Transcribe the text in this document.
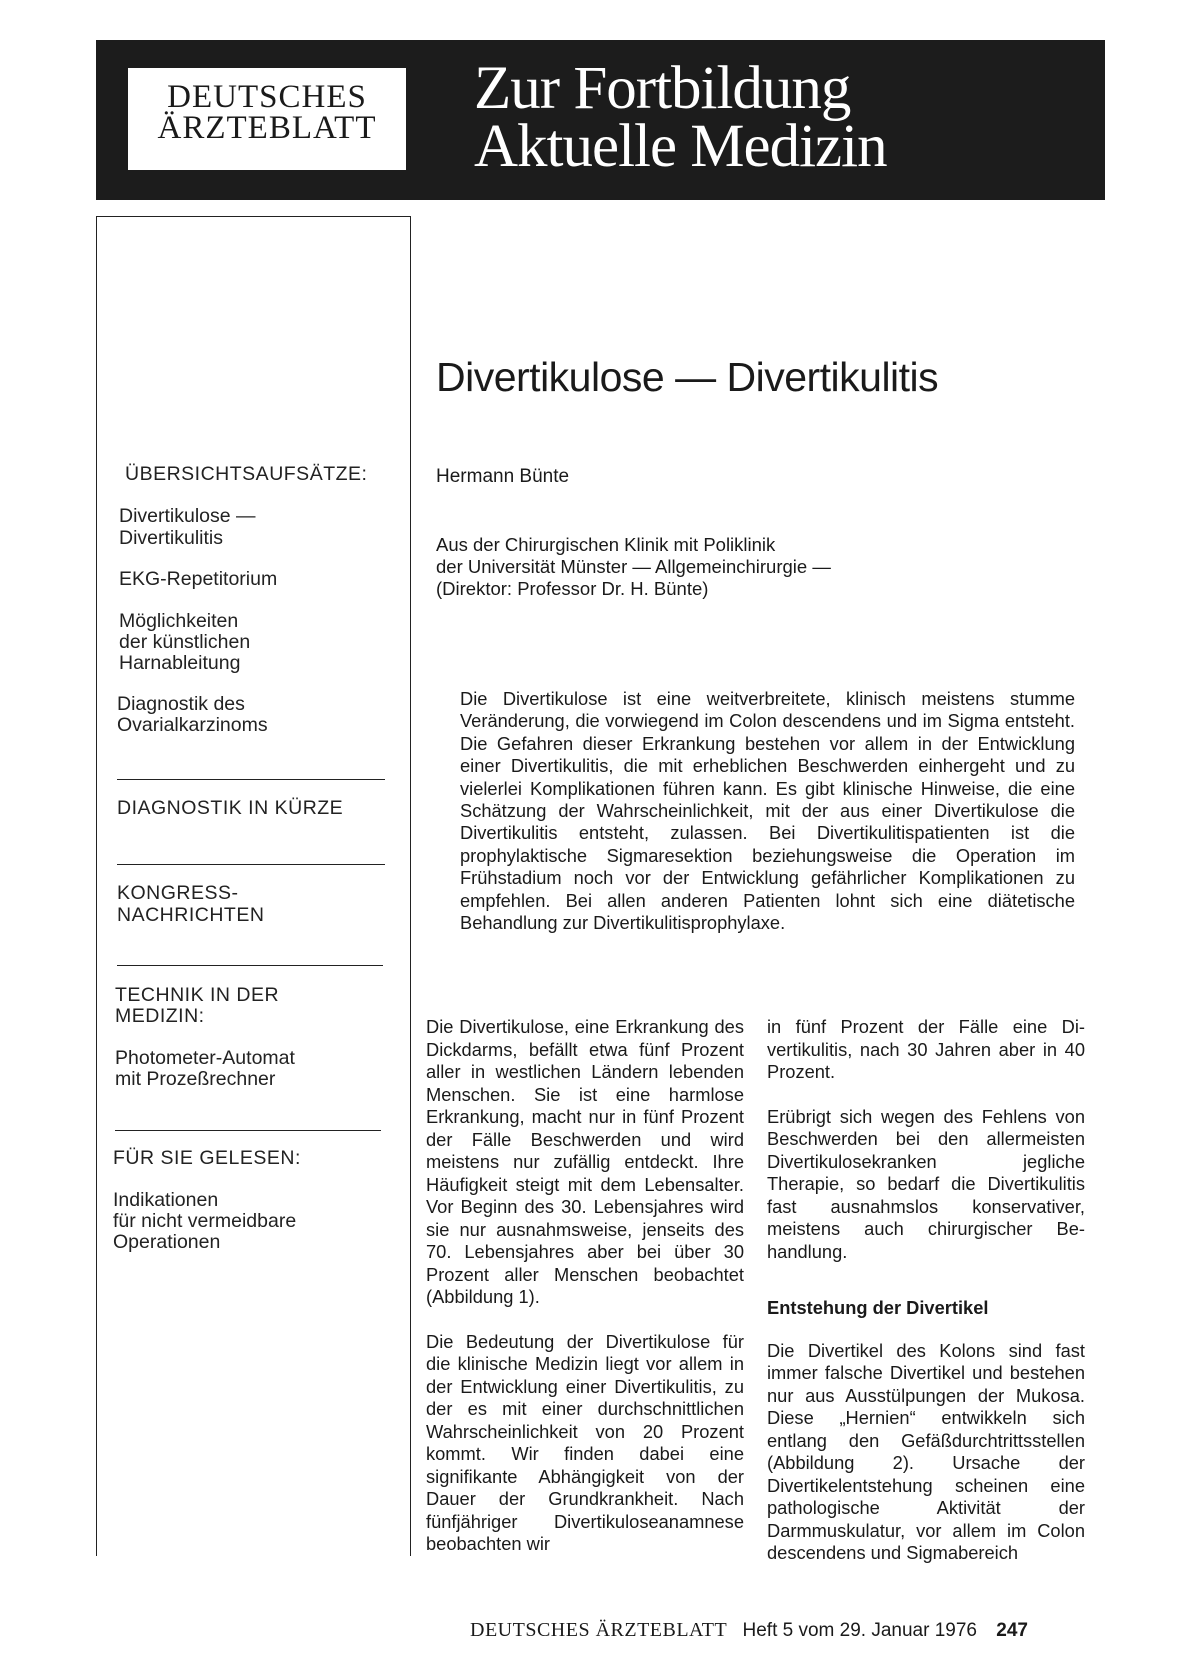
DEUTSCHES
ÄRZTEBLATT
Zur Fortbildung
Aktuelle Medizin
ÜBERSICHTSAUFSÄTZE:
Divertikulose —
Divertikulitis
EKG-Repetitorium
Möglichkeiten
der künstlichen
Harnableitung
Diagnostik des
Ovarialkarzinoms
DIAGNOSTIK IN KÜRZE
KONGRESS-
NACHRICHTEN
TECHNIK IN DER
MEDIZIN:
Photometer-Automat
mit Prozeßrechner
FÜR SIE GELESEN:
Indikationen
für nicht vermeidbare
Operationen
Divertikulose — Divertikulitis
Hermann Bünte
Aus der Chirurgischen Klinik mit Poliklinik
der Universität Münster — Allgemeinchirurgie —
(Direktor: Professor Dr. H. Bünte)
Die Divertikulose ist eine weitverbreitete, klinisch meistens stumme Veränderung, die vorwiegend im Colon descendens und im Sigma entsteht. Die Gefahren dieser Erkrankung bestehen vor allem in der Entwicklung einer Divertikulitis, die mit erheblichen Beschwerden einhergeht und zu vielerlei Komplikationen führen kann. Es gibt klinische Hinweise, die eine Schätzung der Wahrscheinlichkeit, mit der aus einer Divertikulose die Divertikulitis entsteht, zulassen. Bei Divertikulitispatienten ist die prophylaktische Sigmaresektion beziehungsweise die Operation im Frühstadium noch vor der Entwicklung gefährlicher Komplikationen zu empfehlen. Bei allen anderen Patienten lohnt sich eine diätetische Behandlung zur Divertikulitisprophylaxe.

Die Divertikulose, eine Erkrankung des Dickdarms, befällt etwa fünf Prozent aller in westlichen Ländern lebenden Menschen. Sie ist eine harmlose Erkrankung, macht nur in fünf Prozent der Fälle Beschwerden und wird meistens nur zufällig entdeckt. Ihre Häufigkeit steigt mit dem Lebensalter. Vor Beginn des 30. Lebensjahres wird sie nur ausnahmsweise, jenseits des 70. Lebensjahres aber bei über 30 Prozent aller Menschen beobachtet (Abbildung 1).

Die Bedeutung der Divertikulose für die klinische Medizin liegt vor allem in der Entwicklung einer Divertikulitis, zu der es mit einer durchschnittlichen Wahrscheinlichkeit von 20 Prozent kommt. Wir finden dabei eine signifikante Abhängigkeit von der Dauer der Grundkrankheit. Nach fünfjähriger Divertikuloseanamnese beobachten wir

in fünf Prozent der Fälle eine Divertikulitis, nach 30 Jahren aber in 40 Prozent.

Erübrigt sich wegen des Fehlens von Beschwerden bei den allermeisten Divertikulosekranken jegliche Therapie, so bedarf die Divertikulitis fast ausnahmslos konservativer, meistens auch chirurgischer Behandlung.

Entstehung der Divertikel

Die Divertikel des Kolons sind fast immer falsche Divertikel und bestehen nur aus Ausstülpungen der Mukosa. Diese „Hernien“ entwikkeln sich entlang den Gefäßdurchtrittsstellen (Abbildung 2). Ursache der Divertikelentstehung scheinen eine pathologische Aktivität der Darmmuskulatur, vor allem im Colon descendens und Sigmabereich

DEUTSCHES ÄRZTEBLATT Heft 5 vom 29. Januar 1976 247
